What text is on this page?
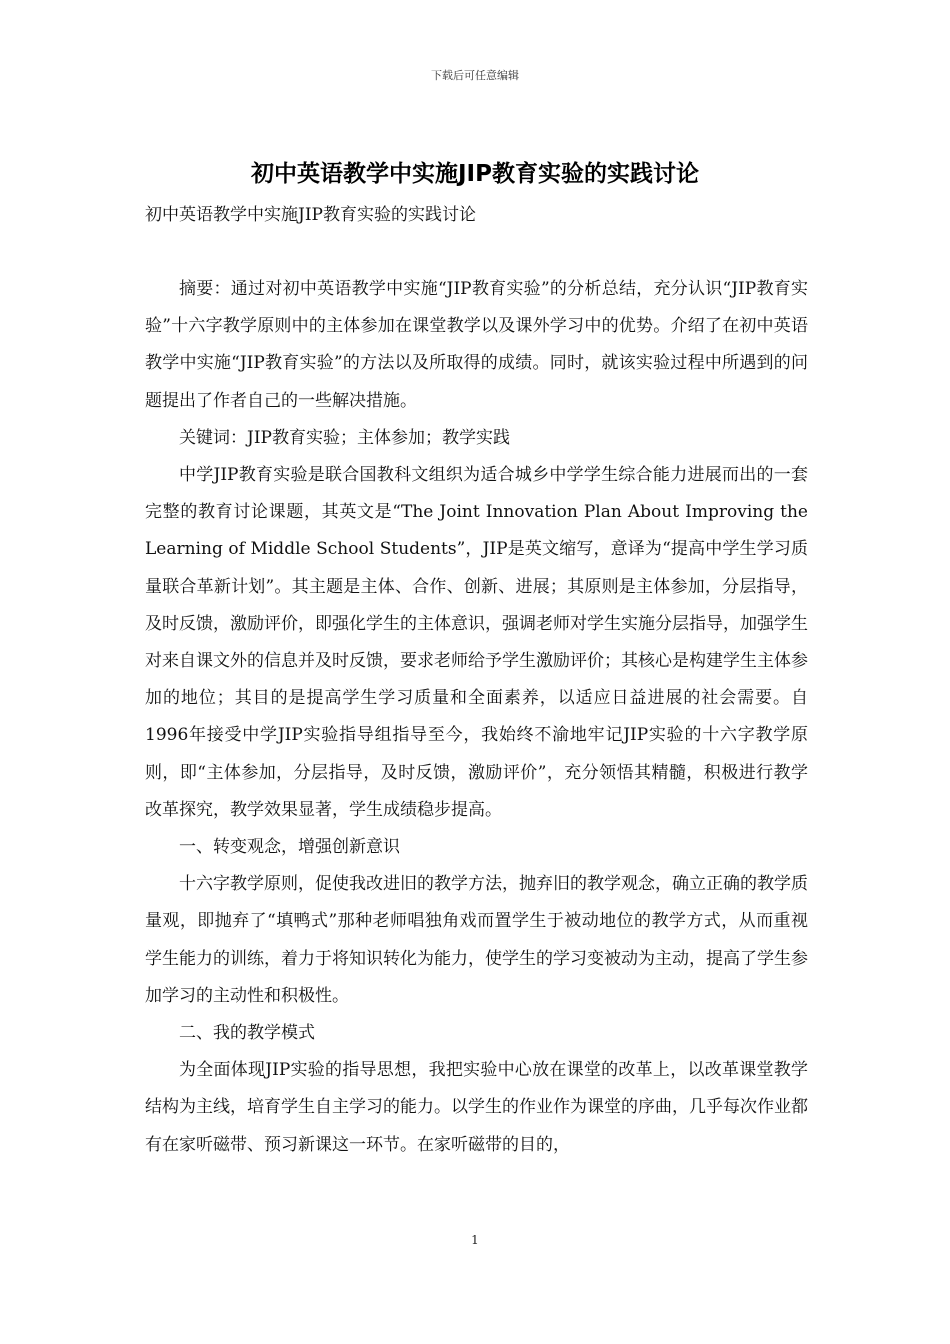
下载后可任意编辑
初中英语教学中实施JIP教育实验的实践讨论
初中英语教学中实施JIP教育实验的实践讨论

摘要：通过对初中英语教学中实施“JIP教育实验”的分析总结，充分认识“JIP教育实验”十六字教学原则中的主体参加在课堂教学以及课外学习中的优势。介绍了在初中英语教学中实施“JIP教育实验”的方法以及所取得的成绩。同时，就该实验过程中所遇到的问题提出了作者自己的一些解决措施。

关键词：JIP教育实验；主体参加；教学实践

中学JIP教育实验是联合国教科文组织为适合城乡中学学生综合能力进展而出的一套完整的教育讨论课题，其英文是“The Joint Innovation Plan About Improving the Learning of Middle School Students”，JIP是英文缩写，意译为“提高中学生学习质量联合革新计划”。其主题是主体、合作、创新、进展；其原则是主体参加，分层指导，及时反馈，激励评价，即强化学生的主体意识，强调老师对学生实施分层指导，加强学生对来自课文外的信息并及时反馈，要求老师给予学生激励评价；其核心是构建学生主体参加的地位；其目的是提高学生学习质量和全面素养，以适应日益进展的社会需要。自1996年接受中学JIP实验指导组指导至今，我始终不渝地牢记JIP实验的十六字教学原则，即“主体参加，分层指导，及时反馈，激励评价”，充分领悟其精髓，积极进行教学改革探究，教学效果显著，学生成绩稳步提高。

一、转变观念，增强创新意识

十六字教学原则，促使我改进旧的教学方法，抛弃旧的教学观念，确立正确的教学质量观，即抛弃了“填鸭式”那种老师唱独角戏而置学生于被动地位的教学方式，从而重视学生能力的训练，着力于将知识转化为能力，使学生的学习变被动为主动，提高了学生参加学习的主动性和积极性。

二、我的教学模式

为全面体现JIP实验的指导思想，我把实验中心放在课堂的改革上，以改革课堂教学结构为主线，培育学生自主学习的能力。以学生的作业作为课堂的序曲，几乎每次作业都有在家听磁带、预习新课这一环节。在家听磁带的目的，

1
